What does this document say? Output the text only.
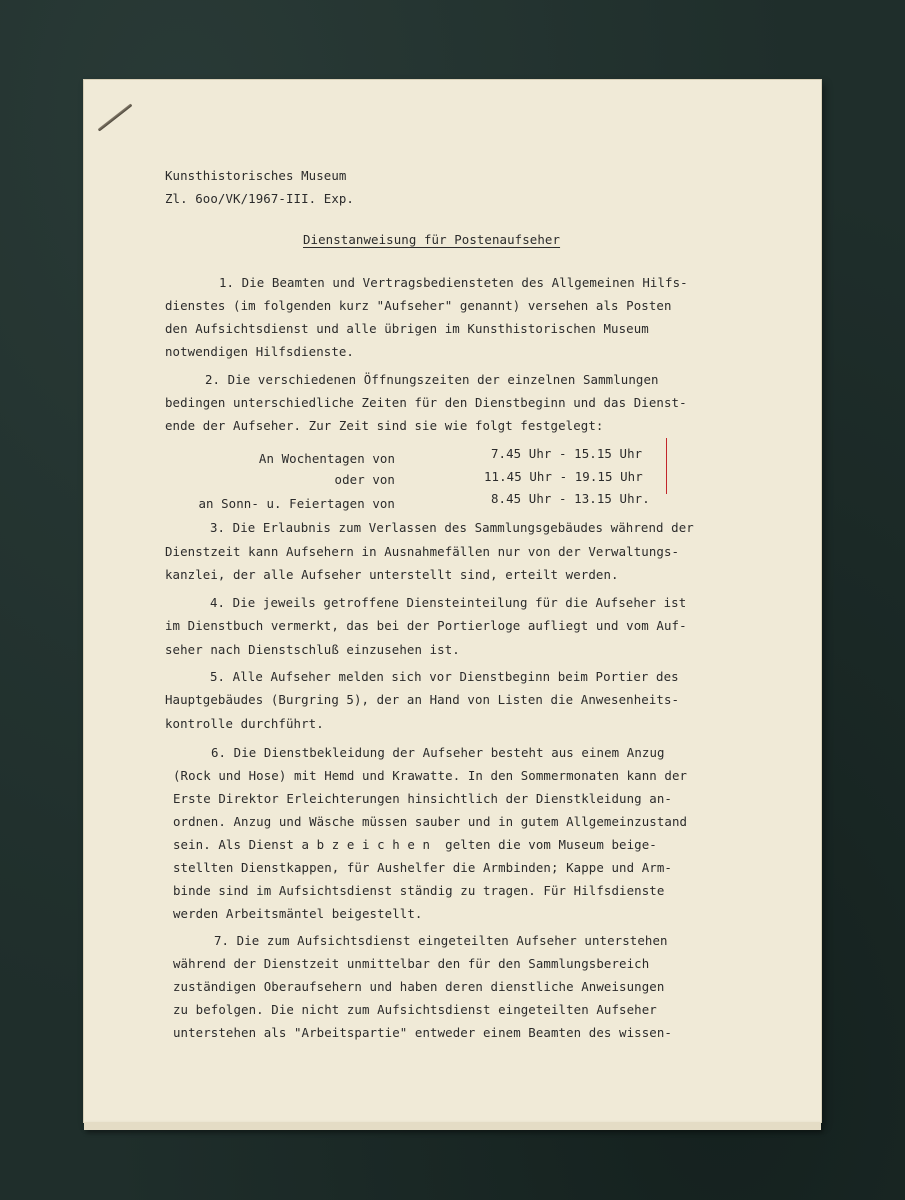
Kunsthistorisches Museum
Zl. 6oo/VK/1967-III. Exp.
Dienstanweisung für Postenaufseher
1. Die Beamten und Vertragsbediensteten des Allgemeinen Hilfs-
dienstes (im folgenden kurz "Aufseher" genannt) versehen als Posten
den Aufsichtsdienst und alle übrigen im Kunsthistorischen Museum
notwendigen Hilfsdienste.
2. Die verschiedenen Öffnungszeiten der einzelnen Sammlungen
bedingen unterschiedliche Zeiten für den Dienstbeginn und das Dienst-
ende der Aufseher. Zur Zeit sind sie wie folgt festgelegt:
An Wochentagen von	7.45 Uhr - 15.15 Uhr
oder von	11.45 Uhr - 19.15 Uhr
an Sonn- u. Feiertagen von	8.45 Uhr - 13.15 Uhr.
3. Die Erlaubnis zum Verlassen des Sammlungsgebäudes während der
Dienstzeit kann Aufsehern in Ausnahmefällen nur von der Verwaltungs-
kanzlei, der alle Aufseher unterstellt sind, erteilt werden.
4. Die jeweils getroffene Diensteinteilung für die Aufseher ist
im Dienstbuch vermerkt, das bei der Portierloge aufliegt und vom Auf-
seher nach Dienstschluß einzusehen ist.
5. Alle Aufseher melden sich vor Dienstbeginn beim Portier des
Hauptgebäudes (Burgring 5), der an Hand von Listen die Anwesenheits-
kontrolle durchführt.
6. Die Dienstbekleidung der Aufseher besteht aus einem Anzug
(Rock und Hose) mit Hemd und Krawatte. In den Sommermonaten kann der
Erste Direktor Erleichterungen hinsichtlich der Dienstkleidung an-
ordnen. Anzug und Wäsche müssen sauber und in gutem Allgemeinzustand
sein. Als Dienst a b z e i c h e n  gelten die vom Museum beige-
stellten Dienstkappen, für Aushelfer die Armbinden; Kappe und Arm-
binde sind im Aufsichtsdienst ständig zu tragen. Für Hilfsdienste
werden Arbeitsmäntel beigestellt.
7. Die zum Aufsichtsdienst eingeteilten Aufseher unterstehen
während der Dienstzeit unmittelbar den für den Sammlungsbereich
zuständigen Oberaufsehern und haben deren dienstliche Anweisungen
zu befolgen. Die nicht zum Aufsichtsdienst eingeteilten Aufseher
unterstehen als "Arbeitspartie" entweder einem Beamten des wissen-
